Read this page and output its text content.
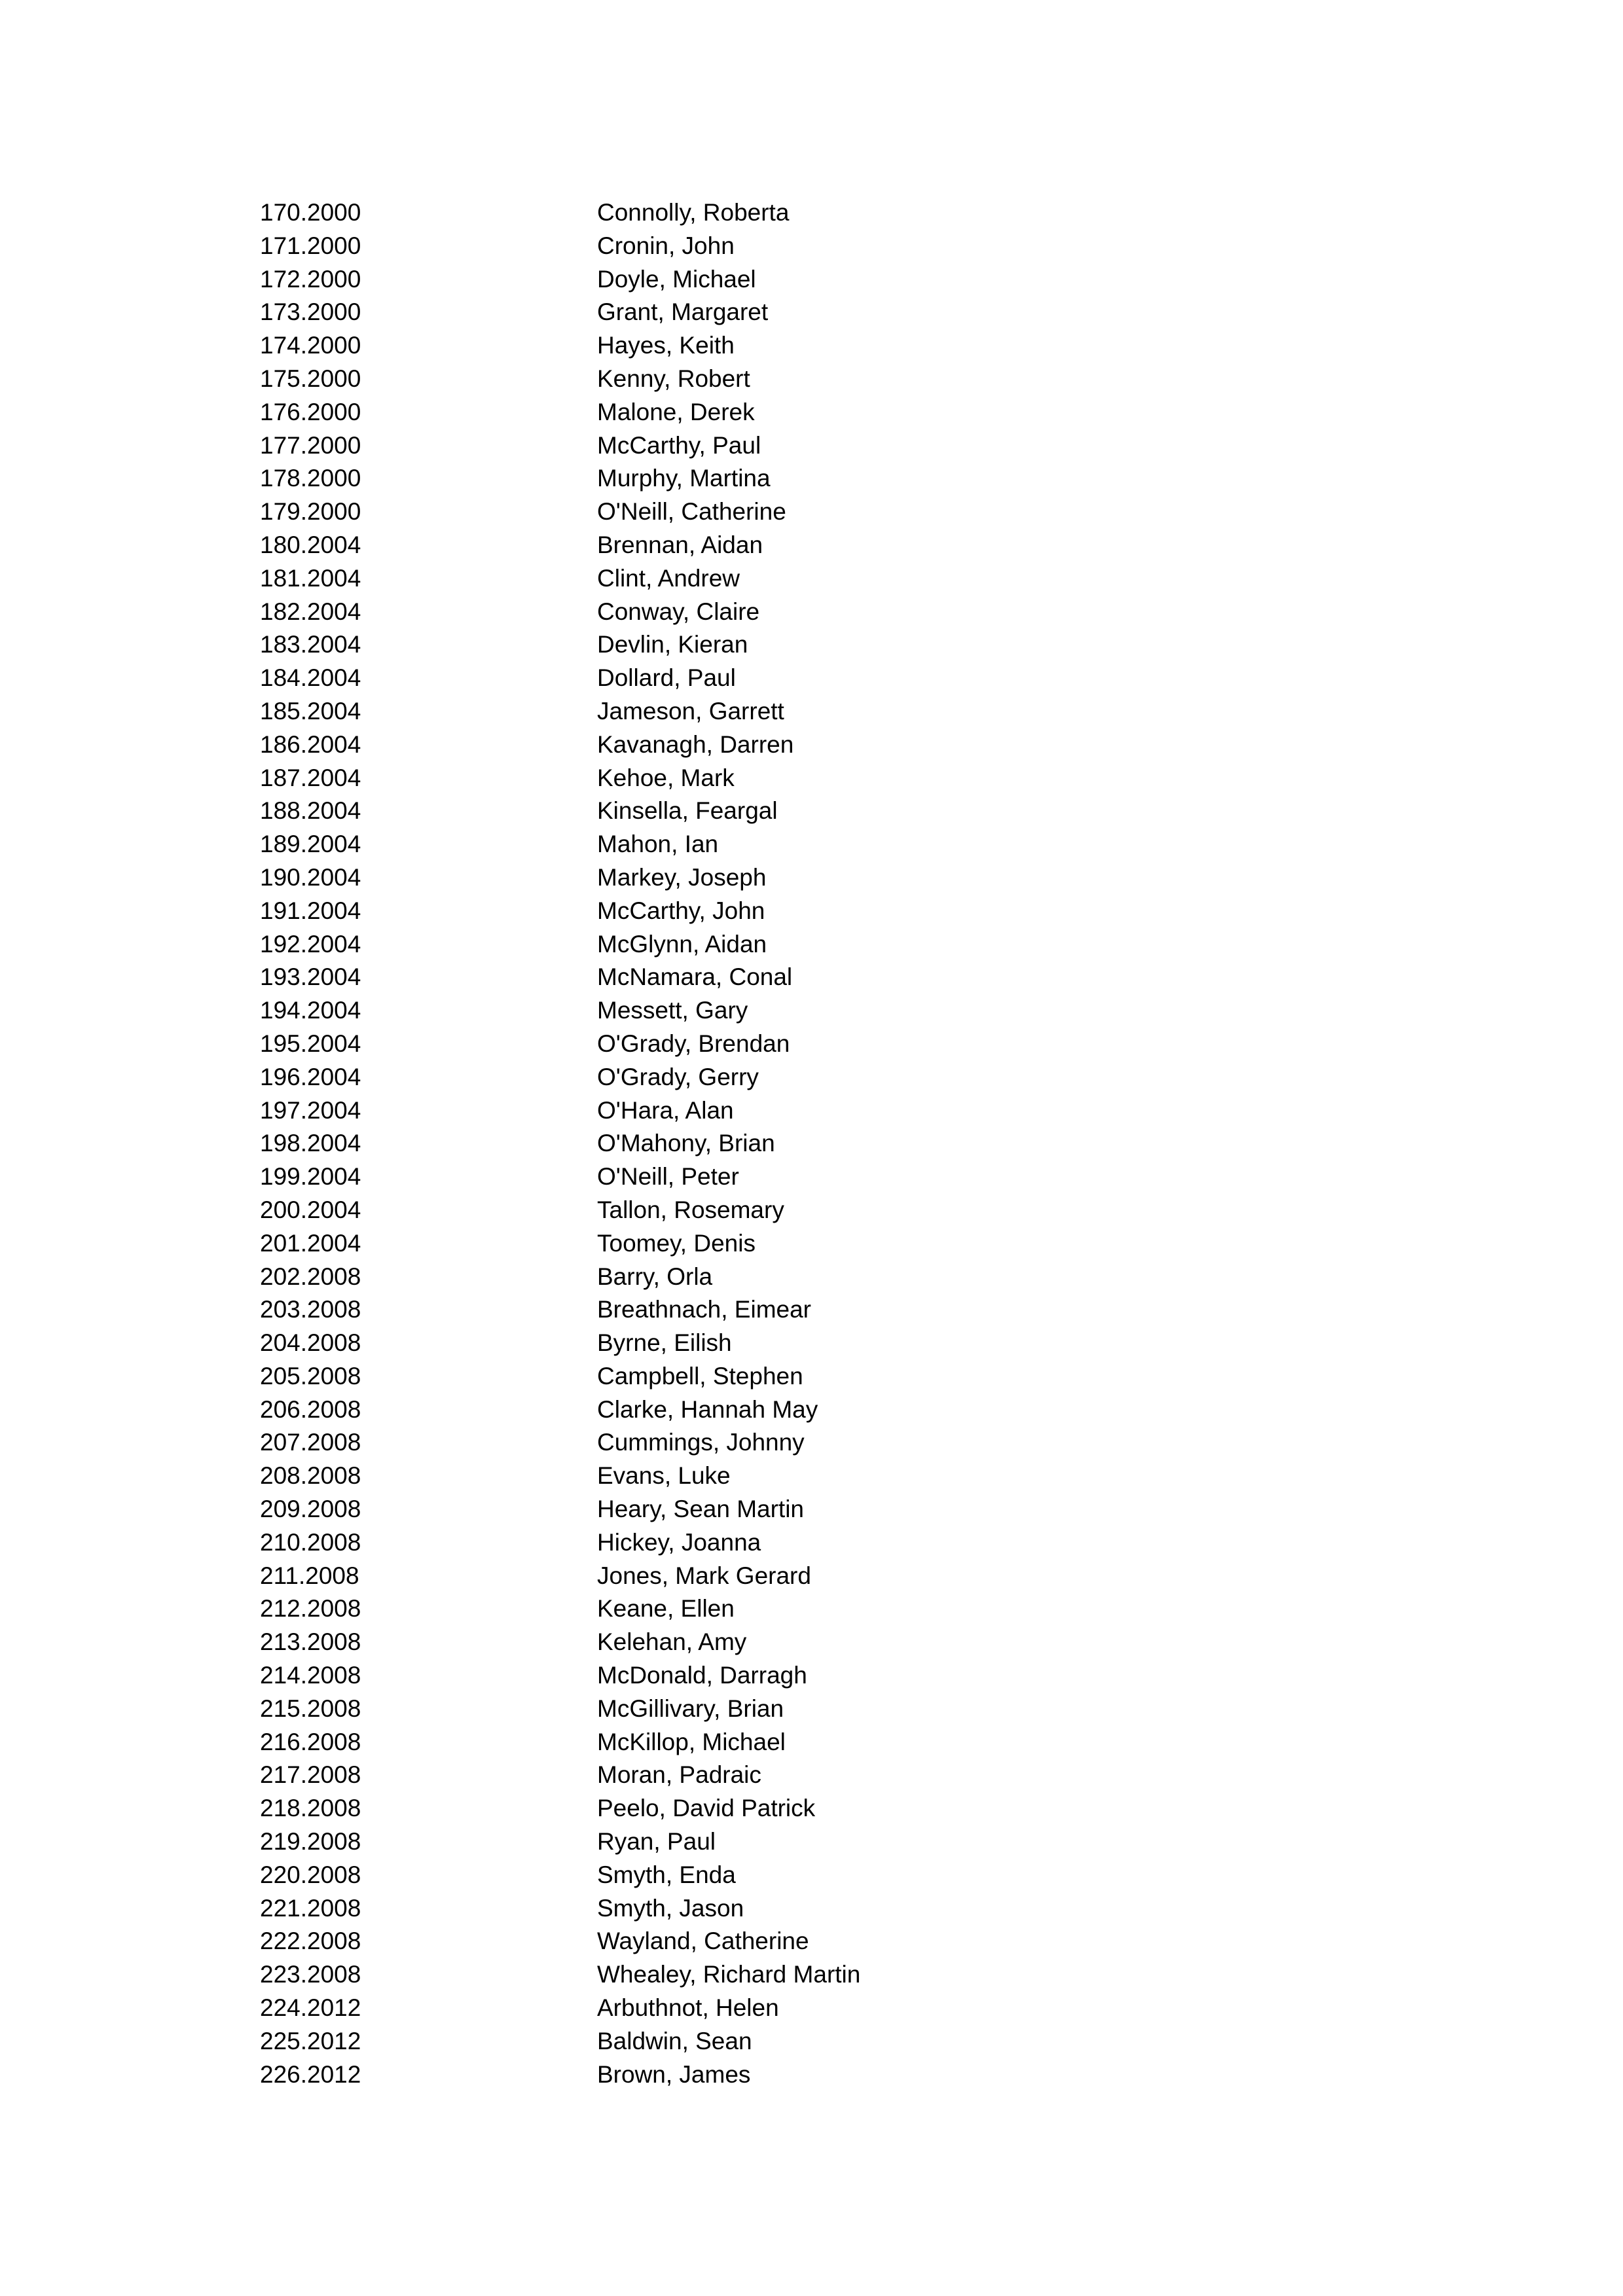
170.2000	Connolly, Roberta
171.2000	Cronin, John
172.2000	Doyle, Michael
173.2000	Grant, Margaret
174.2000	Hayes, Keith
175.2000	Kenny, Robert
176.2000	Malone, Derek
177.2000	McCarthy, Paul
178.2000	Murphy, Martina
179.2000	O'Neill, Catherine
180.2004	Brennan, Aidan
181.2004	Clint, Andrew
182.2004	Conway, Claire
183.2004	Devlin, Kieran
184.2004	Dollard, Paul
185.2004	Jameson, Garrett
186.2004	Kavanagh, Darren
187.2004	Kehoe, Mark
188.2004	Kinsella, Feargal
189.2004	Mahon, Ian
190.2004	Markey, Joseph
191.2004	McCarthy, John
192.2004	McGlynn, Aidan
193.2004	McNamara, Conal
194.2004	Messett, Gary
195.2004	O'Grady, Brendan
196.2004	O'Grady, Gerry
197.2004	O'Hara, Alan
198.2004	O'Mahony, Brian
199.2004	O'Neill, Peter
200.2004	Tallon, Rosemary
201.2004	Toomey, Denis
202.2008	Barry, Orla
203.2008	Breathnach, Eimear
204.2008	Byrne, Eilish
205.2008	Campbell, Stephen
206.2008	Clarke, Hannah May
207.2008	Cummings, Johnny
208.2008	Evans, Luke
209.2008	Heary, Sean Martin
210.2008	Hickey, Joanna
211.2008	Jones, Mark Gerard
212.2008	Keane, Ellen
213.2008	Kelehan, Amy
214.2008	McDonald, Darragh
215.2008	McGillivary, Brian
216.2008	McKillop, Michael
217.2008	Moran, Padraic
218.2008	Peelo, David Patrick
219.2008	Ryan, Paul
220.2008	Smyth, Enda
221.2008	Smyth, Jason
222.2008	Wayland, Catherine
223.2008	Whealey, Richard Martin
224.2012	Arbuthnot, Helen
225.2012	Baldwin, Sean
226.2012	Brown, James
